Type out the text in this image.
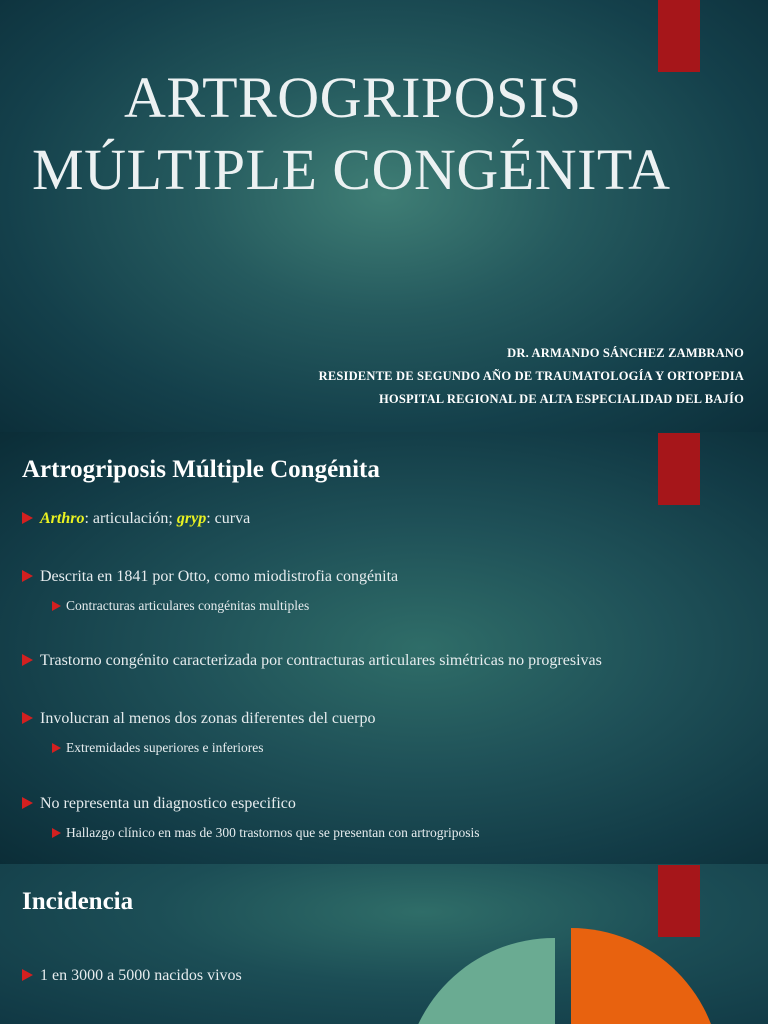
ARTROGRIPOSIS
MÚLTIPLE CONGÉNITA
DR. ARMANDO SÁNCHEZ ZAMBRANO
RESIDENTE DE SEGUNDO AÑO DE TRAUMATOLOGÍA Y ORTOPEDIA
HOSPITAL REGIONAL DE ALTA ESPECIALIDAD DEL BAJÍO
Artrogriposis Múltiple Congénita
Arthro: articulación; gryp: curva
Descrita en 1841 por Otto, como miodistrofia congénita
Contracturas articulares congénitas multiples
Trastorno congénito caracterizada por contracturas articulares simétricas no progresivas
Involucran al menos dos zonas diferentes del cuerpo
Extremidades superiores e inferiores
No representa un diagnostico especifico
Hallazgo clínico en mas de 300 trastornos que se presentan con artrogriposis
Incidencia
1 en 3000 a 5000 nacidos vivos
